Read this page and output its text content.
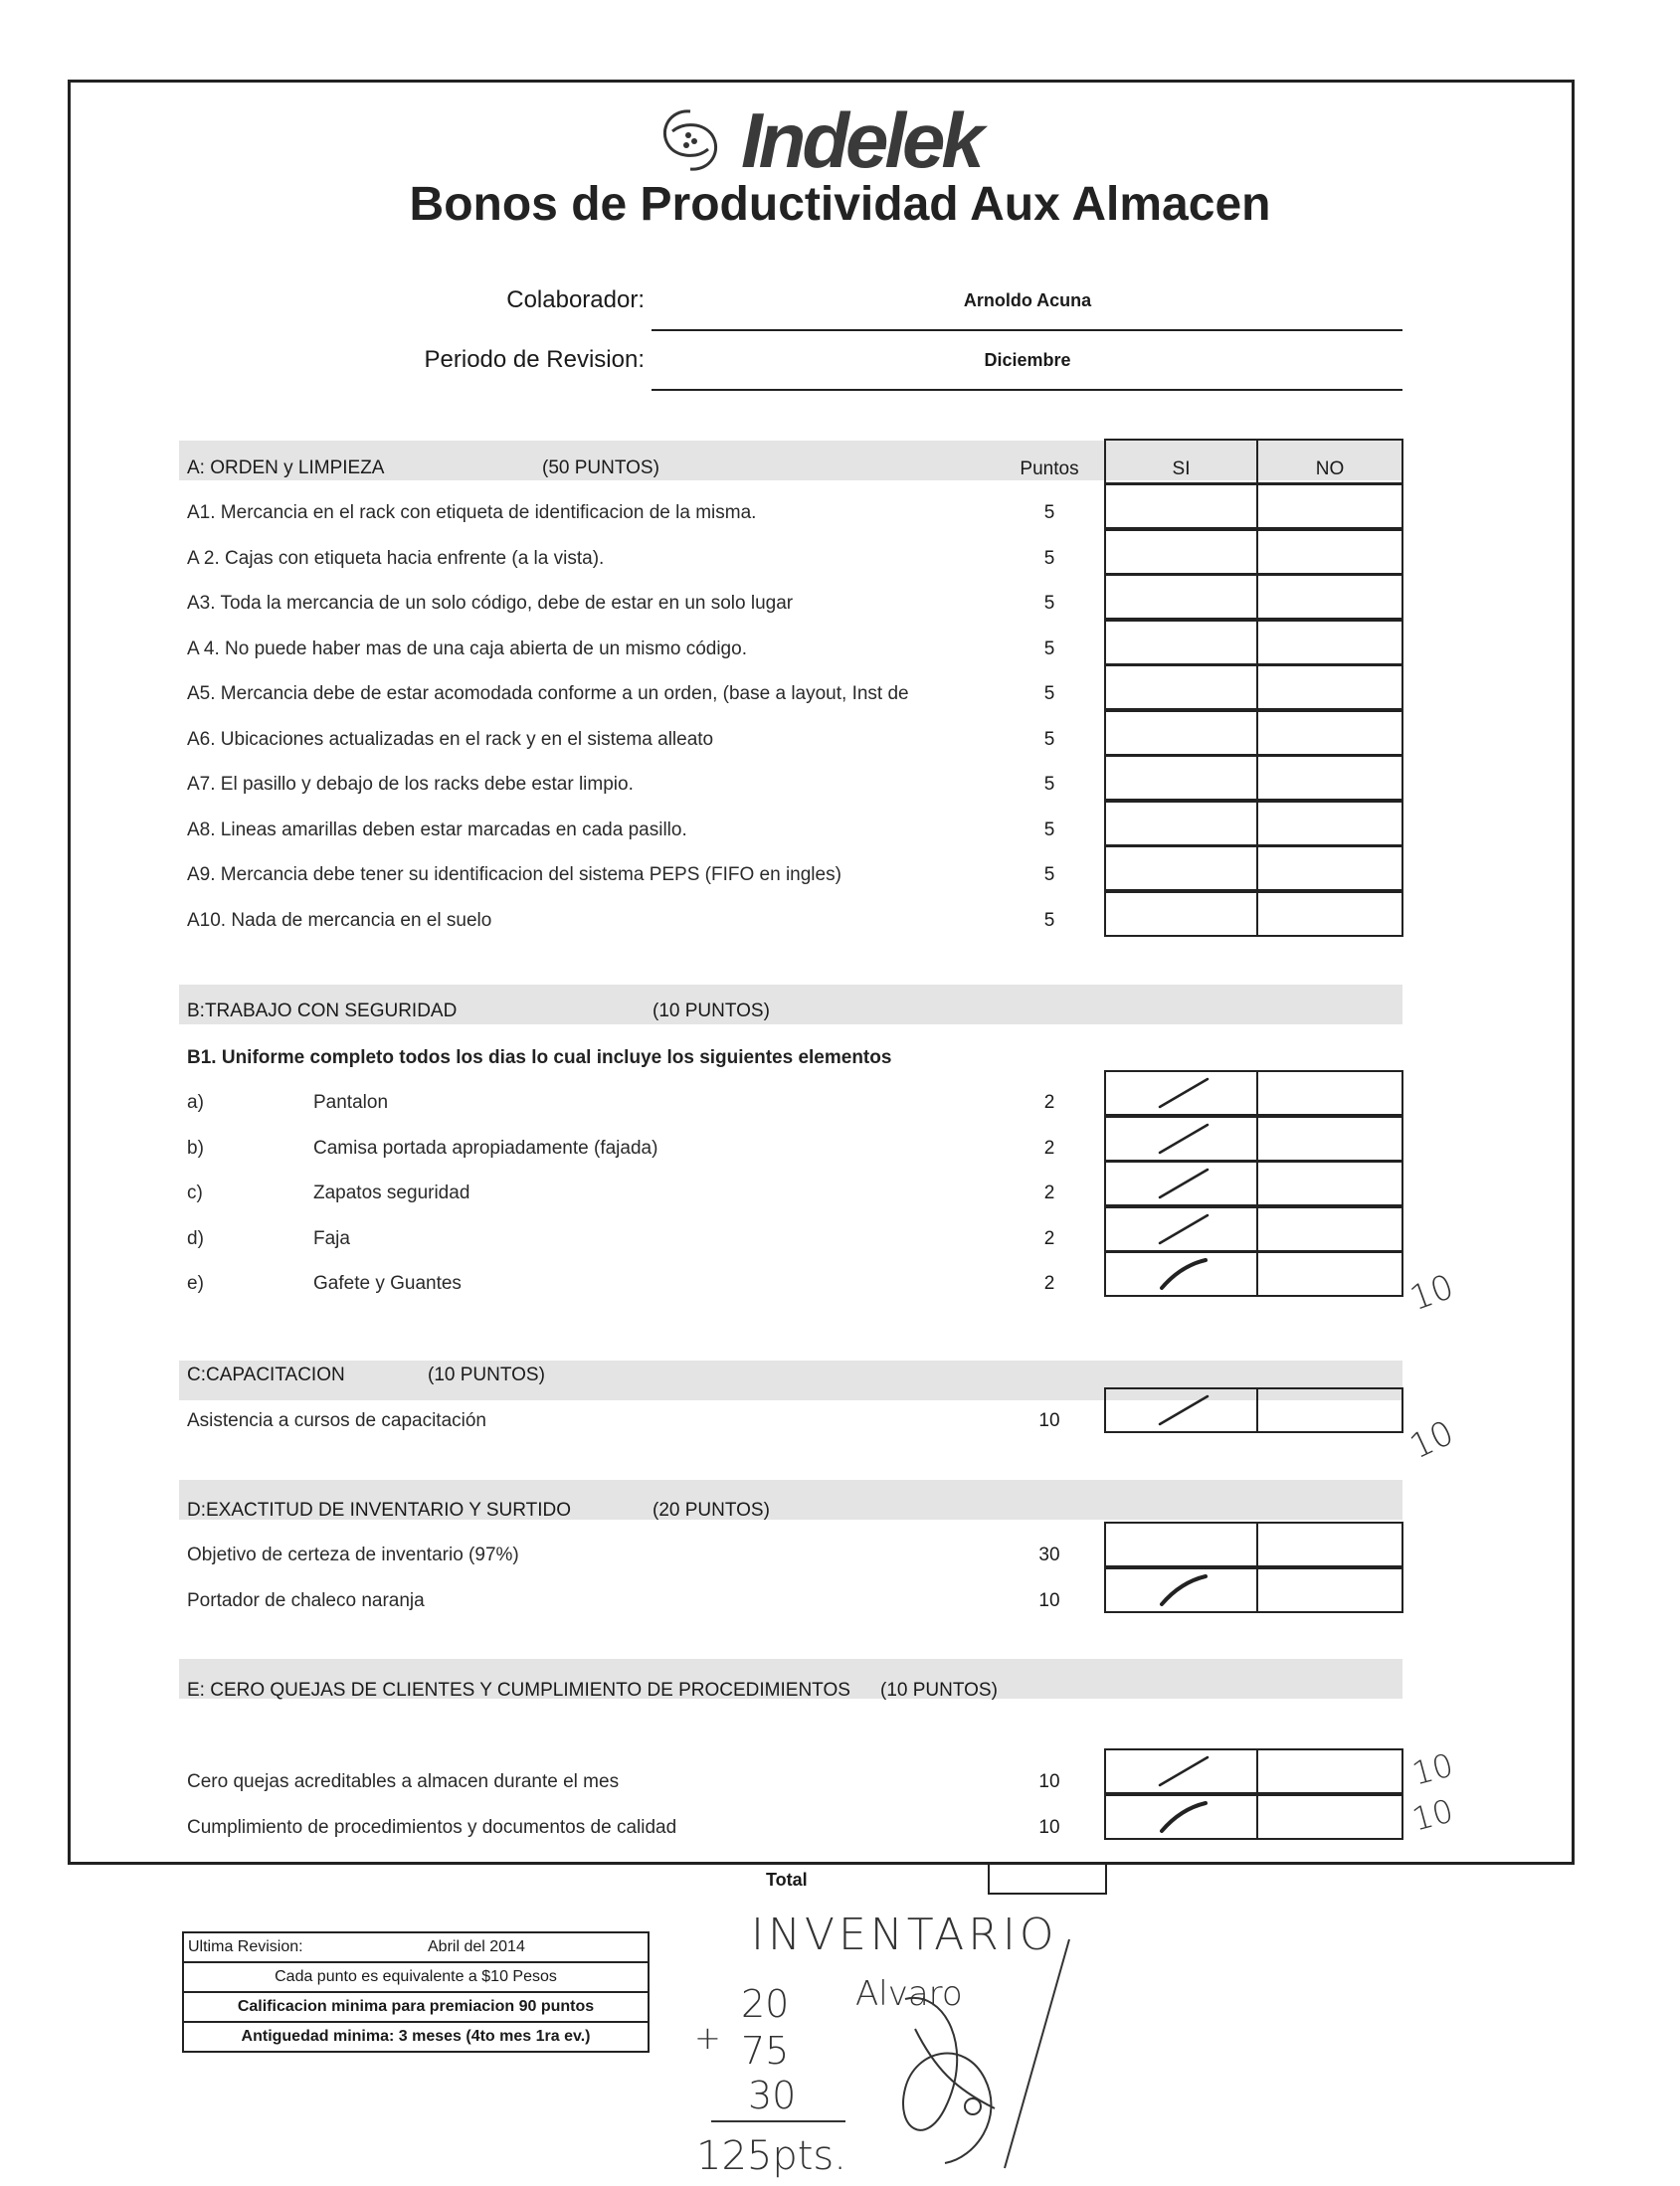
Indelek
Bonos de Productividad Aux Almacen
Colaborador:	Arnoldo Acuna
Periodo de Revision:	Diciembre
A: ORDEN y LIMPIEZA	(50 PUNTOS)	Puntos	SI	NO
B:TRABAJO CON SEGURIDAD	(10 PUNTOS)
B1. Uniforme completo todos los dias lo cual incluye los siguientes elementos
10
C:CAPACITACION	(10 PUNTOS)
10
D:EXACTITUD DE INVENTARIO Y SURTIDO	(20 PUNTOS)
E: CERO QUEJAS DE CLIENTES Y CUMPLIMIENTO DE PROCEDIMIENTOS (10 PUNTOS)
Total
Ultima Revision:	Abril del 2014
Cada punto es equivalente a $10 Pesos
Calificacion minima para premiacion 90 puntos
Antiguedad minima: 3 meses (4to mes 1ra ev.)
INVENTARIO
Alvaro
20
+ 75
30
125pts.
A1. Mercancia en el rack con etiqueta de identificacion de la misma.	5
A 2. Cajas con etiqueta hacia enfrente (a la vista).	5
A3. Toda la mercancia de un solo código, debe de estar en un solo lugar	5
A 4. No puede haber mas de una caja abierta de un mismo código.	5
A5. Mercancia debe de estar acomodada conforme a un orden, (base a layout, Inst de	5
A6. Ubicaciones actualizadas en el rack y en el sistema alleato	5
A7. El pasillo y debajo de los racks debe estar limpio.	5
A8. Lineas amarillas deben estar marcadas en cada pasillo.	5
A9. Mercancia debe tener su identificacion del sistema PEPS (FIFO en ingles)	5
A10. Nada de mercancia en el suelo	5
a)	Pantalon	2
b)	Camisa portada apropiadamente (fajada)	2
c)	Zapatos seguridad	2
d)	Faja	2
e)	Gafete y Guantes	2
Asistencia a cursos de capacitación	10
Objetivo de certeza de inventario (97%)	30
Portador de chaleco naranja	10
Cero quejas acreditables a almacen durante el mes	10	10
Cumplimiento de procedimientos y documentos de calidad	10	10
